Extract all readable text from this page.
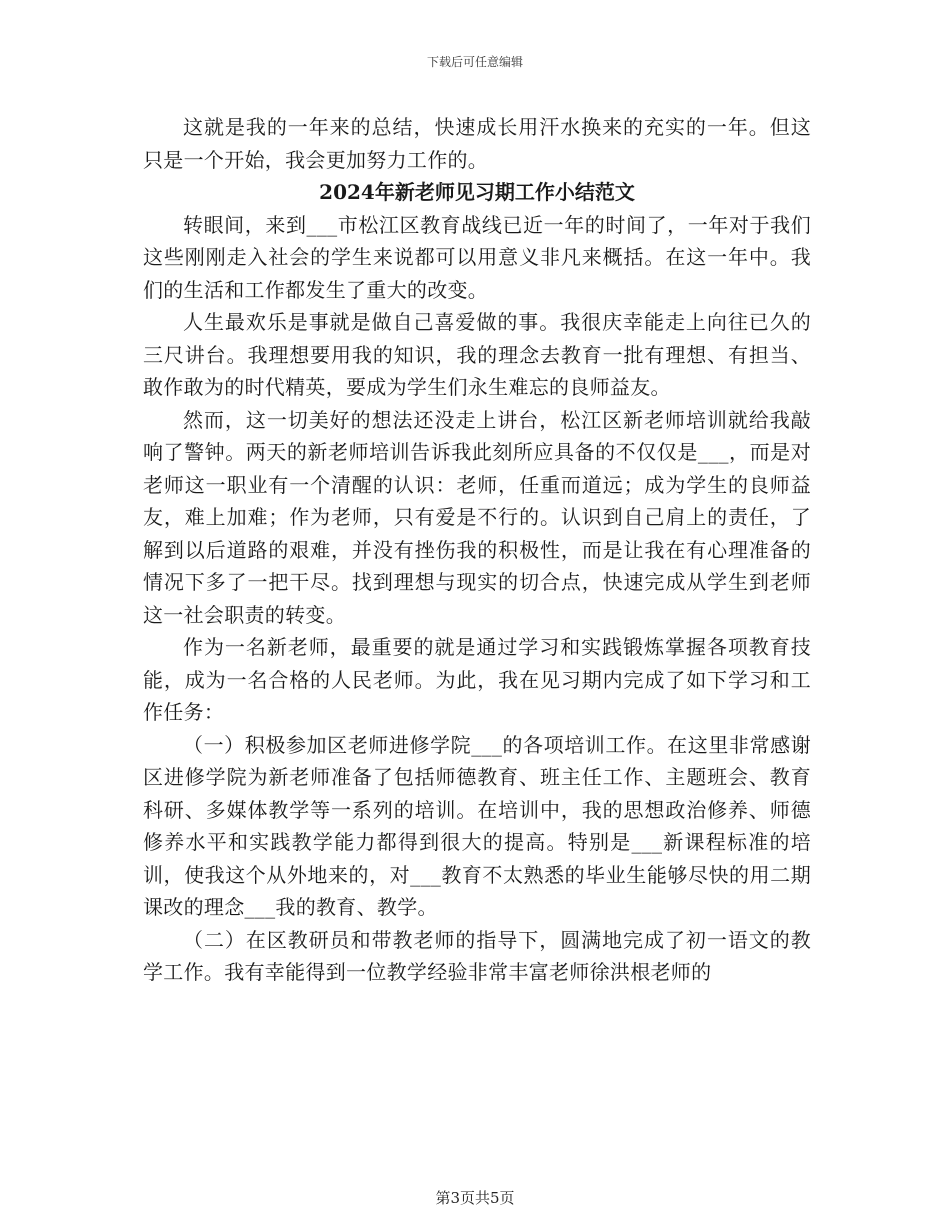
下载后可任意编辑

这就是我的一年来的总结，快速成长用汗水换来的充实的一年。但这只是一个开始，我会更加努力工作的。

2024年新老师见习期工作小结范文

转眼间，来到___市松江区教育战线已近一年的时间了，一年对于我们这些刚刚走入社会的学生来说都可以用意义非凡来概括。在这一年中。我们的生活和工作都发生了重大的改变。

人生最欢乐是事就是做自己喜爱做的事。我很庆幸能走上向往已久的三尺讲台。我理想要用我的知识，我的理念去教育一批有理想、有担当、敢作敢为的时代精英，要成为学生们永生难忘的良师益友。

然而，这一切美好的想法还没走上讲台，松江区新老师培训就给我敲响了警钟。两天的新老师培训告诉我此刻所应具备的不仅仅是___，而是对老师这一职业有一个清醒的认识：老师，任重而道远；成为学生的良师益友，难上加难；作为老师，只有爱是不行的。认识到自己肩上的责任，了解到以后道路的艰难，并没有挫伤我的积极性，而是让我在有心理准备的情况下多了一把干尽。找到理想与现实的切合点，快速完成从学生到老师这一社会职责的转变。

作为一名新老师，最重要的就是通过学习和实践锻炼掌握各项教育技能，成为一名合格的人民老师。为此，我在见习期内完成了如下学习和工作任务：

（一）积极参加区老师进修学院___的各项培训工作。在这里非常感谢区进修学院为新老师准备了包括师德教育、班主任工作、主题班会、教育科研、多媒体教学等一系列的培训。在培训中，我的思想政治修养、师德修养水平和实践教学能力都得到很大的提高。特别是___新课程标准的培训，使我这个从外地来的，对___教育不太熟悉的毕业生能够尽快的用二期课改的理念___我的教育、教学。

（二）在区教研员和带教老师的指导下，圆满地完成了初一语文的教学工作。我有幸能得到一位教学经验非常丰富老师徐洪根老师的

第3页共5页
